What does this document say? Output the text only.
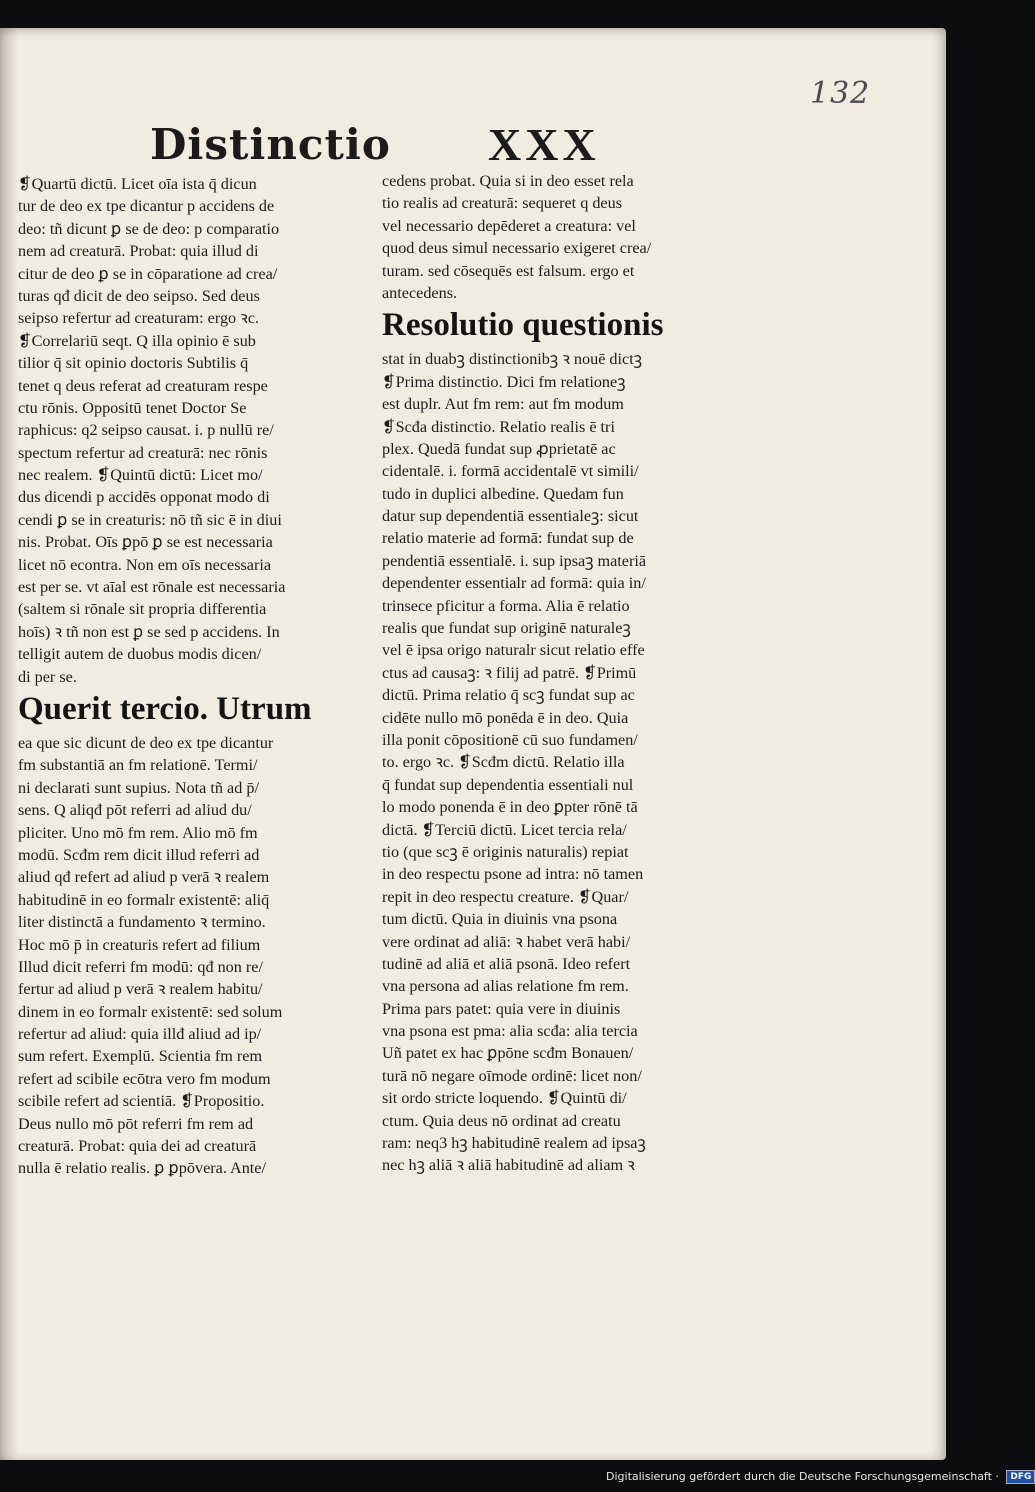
132
Distinctio XXX
❡Quartū dictū. Licet oīa ista q̄ dicun
tur de deo ex tpe dicantur p accidens de
deo: tñ dicunt ꝑ se de deo: p comparatio
nem ad creaturā. Probat: quia illud di
citur de deo ꝑ se in cōparatione ad crea/
turas qđ dicit de deo seipso. Sed deus
seipso refertur ad creaturam: ergo ꝛc.
❡Correlariū seqt. Q illa opinio ē sub
tilior q̄ sit opinio doctoris Subtilis q̄
tenet q deus referat ad creaturam respe
ctu rōnis. Oppositū tenet Doctor Se
raphicus: q2 seipso causat. i. p nullū re/
spectum refertur ad creaturā: nec rōnis
nec realem. ❡Quintū dictū: Licet mo/
dus dicendi p accidēs opponat modo di
cendi ꝑ se in creaturis: nō tñ sic ē in diui
nis. Probat. Oīs ꝑpō ꝑ se est necessaria
licet nō econtra. Non em oīs necessaria
est per se. vt aīal est rōnale est necessaria
(saltem si rōnale sit propria differentia
hoīs) ꝛ tñ non est ꝑ se sed p accidens. In
telligit autem de duobus modis dicen/
di per se.
Querit tercio. Utrum
ea que sic dicunt de deo ex tpe dicantur
fm substantiā an fm relationē. Termi/
ni declarati sunt supius. Nota tñ ad p̄/
sens. Q aliqđ pōt referri ad aliud du/
pliciter. Uno mō fm rem. Alio mō fm
modū. Scđm rem dicit illud referri ad
aliud qđ refert ad aliud p verā ꝛ realem
habitudinē in eo formalr existentē: aliq̄
liter distinctā a fundamento ꝛ termino.
Hoc mō p̄ in creaturis refert ad filium
Illud dicit referri fm modū: qđ non re/
fertur ad aliud p verā ꝛ realem habitu/
dinem in eo formalr existentē: sed solum
refertur ad aliud: quia illđ aliud ad ip/
sum refert. Exemplū. Scientia fm rem
refert ad scibile ecōtra vero fm modum
scibile refert ad scientiā. ❡Propositio.
Deus nullo mō pōt referri fm rem ad
creaturā. Probat: quia dei ad creaturā
nulla ē relatio realis. ꝑ ꝑpōvera. Ante/
cedens probat. Quia si in deo esset rela
tio realis ad creaturā: sequeret q deus
vel necessario depēderet a creatura: vel
quod deus simul necessario exigeret crea/
turam. sed cōsequēs est falsum. ergo et
antecedens.
Resolutio questionis
stat in duabꝫ distinctionibꝫ ꝛ nouē dictꝫ
❡Prima distinctio. Dici fm relationeꝫ
est duplr. Aut fm rem: aut fm modum
❡Scđa distinctio. Relatio realis ē tri
plex. Quedā fundat sup ꝓprietatē ac
cidentalē. i. formā accidentalē vt simili/
tudo in duplici albedine. Quedam fun
datur sup dependentiā essentialeꝫ: sicut
relatio materie ad formā: fundat sup de
pendentiā essentialē. i. sup ipsaꝫ materiā
dependenter essentialr ad formā: quia in/
trinsece pficitur a forma. Alia ē relatio
realis que fundat sup originē naturaleꝫ
vel ē ipsa origo naturalr sicut relatio effe
ctus ad causaꝫ: ꝛ filij ad patrē. ❡Primū
dictū. Prima relatio q̄ scꝫ fundat sup ac
cidēte nullo mō ponēda ē in deo. Quia
illa ponit cōpositionē cū suo fundamen/
to. ergo ꝛc. ❡Scđm dictū. Relatio illa
q̄ fundat sup dependentia essentiali nul
lo modo ponenda ē in deo ꝑpter rōnē tā
dictā. ❡Terciū dictū. Licet tercia rela/
tio (que scꝫ ē originis naturalis) repiat
in deo respectu psone ad intra: nō tamen
repit in deo respectu creature. ❡Quar/
tum dictū. Quia in diuinis vna psona
vere ordinat ad aliā: ꝛ habet verā habi/
tudinē ad aliā et aliā psonā. Ideo refert
vna persona ad alias relatione fm rem.
Prima pars patet: quia vere in diuinis
vna psona est pma: alia scđa: alia tercia
Uñ patet ex hac ꝑpōne scđm Bonauen/
turā nō negare oīmode ordinē: licet non/
sit ordo stricte loquendo. ❡Quintū di/
ctum. Quia deus nō ordinat ad creatu
ram: neq3 hꝫ habitudinē realem ad ipsaꝫ
nec hꝫ aliā ꝛ aliā habitudinē ad aliam ꝛ
Digitalisierung gefördert durch die Deutsche Forschungsgemeinschaft · DFG
